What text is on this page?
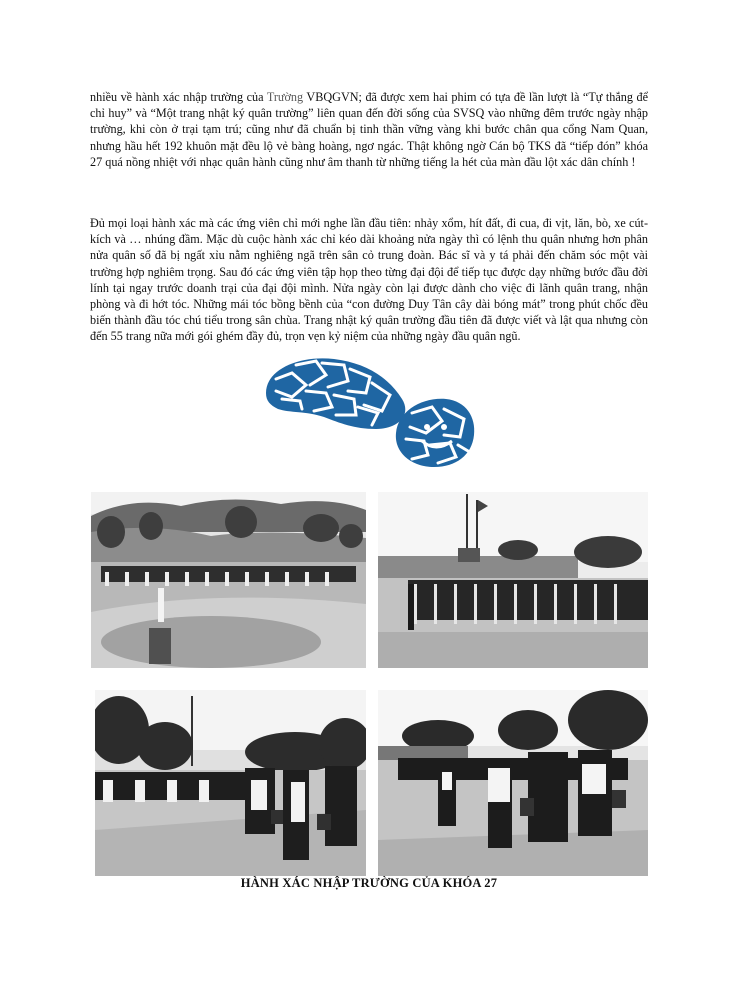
nhiều về hành xác nhập trường của Trường VBQGVN; đã được xem hai phim có tựa đề lần lượt là “Tự thắng để chỉ huy” và “Một trang nhật ký quân trường” liên quan đến đời sống của SVSQ vào những đêm trước ngày nhập trường, khi còn ở trại tạm trú; cũng như đã chuẩn bị tinh thần vững vàng khi bước chân qua cổng Nam Quan, nhưng hầu hết 192 khuôn mặt đều lộ vẻ bàng hoàng, ngơ ngác. Thật không ngờ Cán bộ TKS đã “tiếp đón” khóa 27 quá nồng nhiệt với nhạc quân hành cũng như âm thanh từ những tiếng la hét của màn đầu lột xác dân chính !

Đủ mọi loại hành xác mà các ứng viên chỉ mới nghe lần đầu tiên: nhảy xổm, hít đất, đi cua, đi vịt, lăn, bò, xe cút-kích và … nhúng đầm. Mặc dù cuộc hành xác chỉ kéo dài khoảng nửa ngày thì có lệnh thu quân nhưng hơn phân nửa quân số đã bị ngất xỉu nằm nghiêng ngã trên sân cỏ trung đoàn. Bác sĩ và y tá phải đến chăm sóc một vài trường hợp nghiêm trọng. Sau đó các ứng viên tập họp theo từng đại đội để tiếp tục được dạy những bước đầu đời lính tại ngay trước doanh trại của đại đội mình. Nửa ngày còn lại được dành cho việc đi lãnh quân trang, nhận phòng và đi hớt tóc. Những mái tóc bồng bềnh của “con đường Duy Tân cây dài bóng mát” trong phút chốc đều biến thành đầu tóc chú tiểu trong sân chùa. Trang nhật ký quân trường đầu tiên đã được viết và lật qua nhưng còn đến 55 trang nữa mới gói ghém đầy đủ, trọn vẹn kỷ niệm của những ngày đầu quân ngũ.

HÀNH XÁC NHẬP TRƯỜNG CỦA KHÓA 27
